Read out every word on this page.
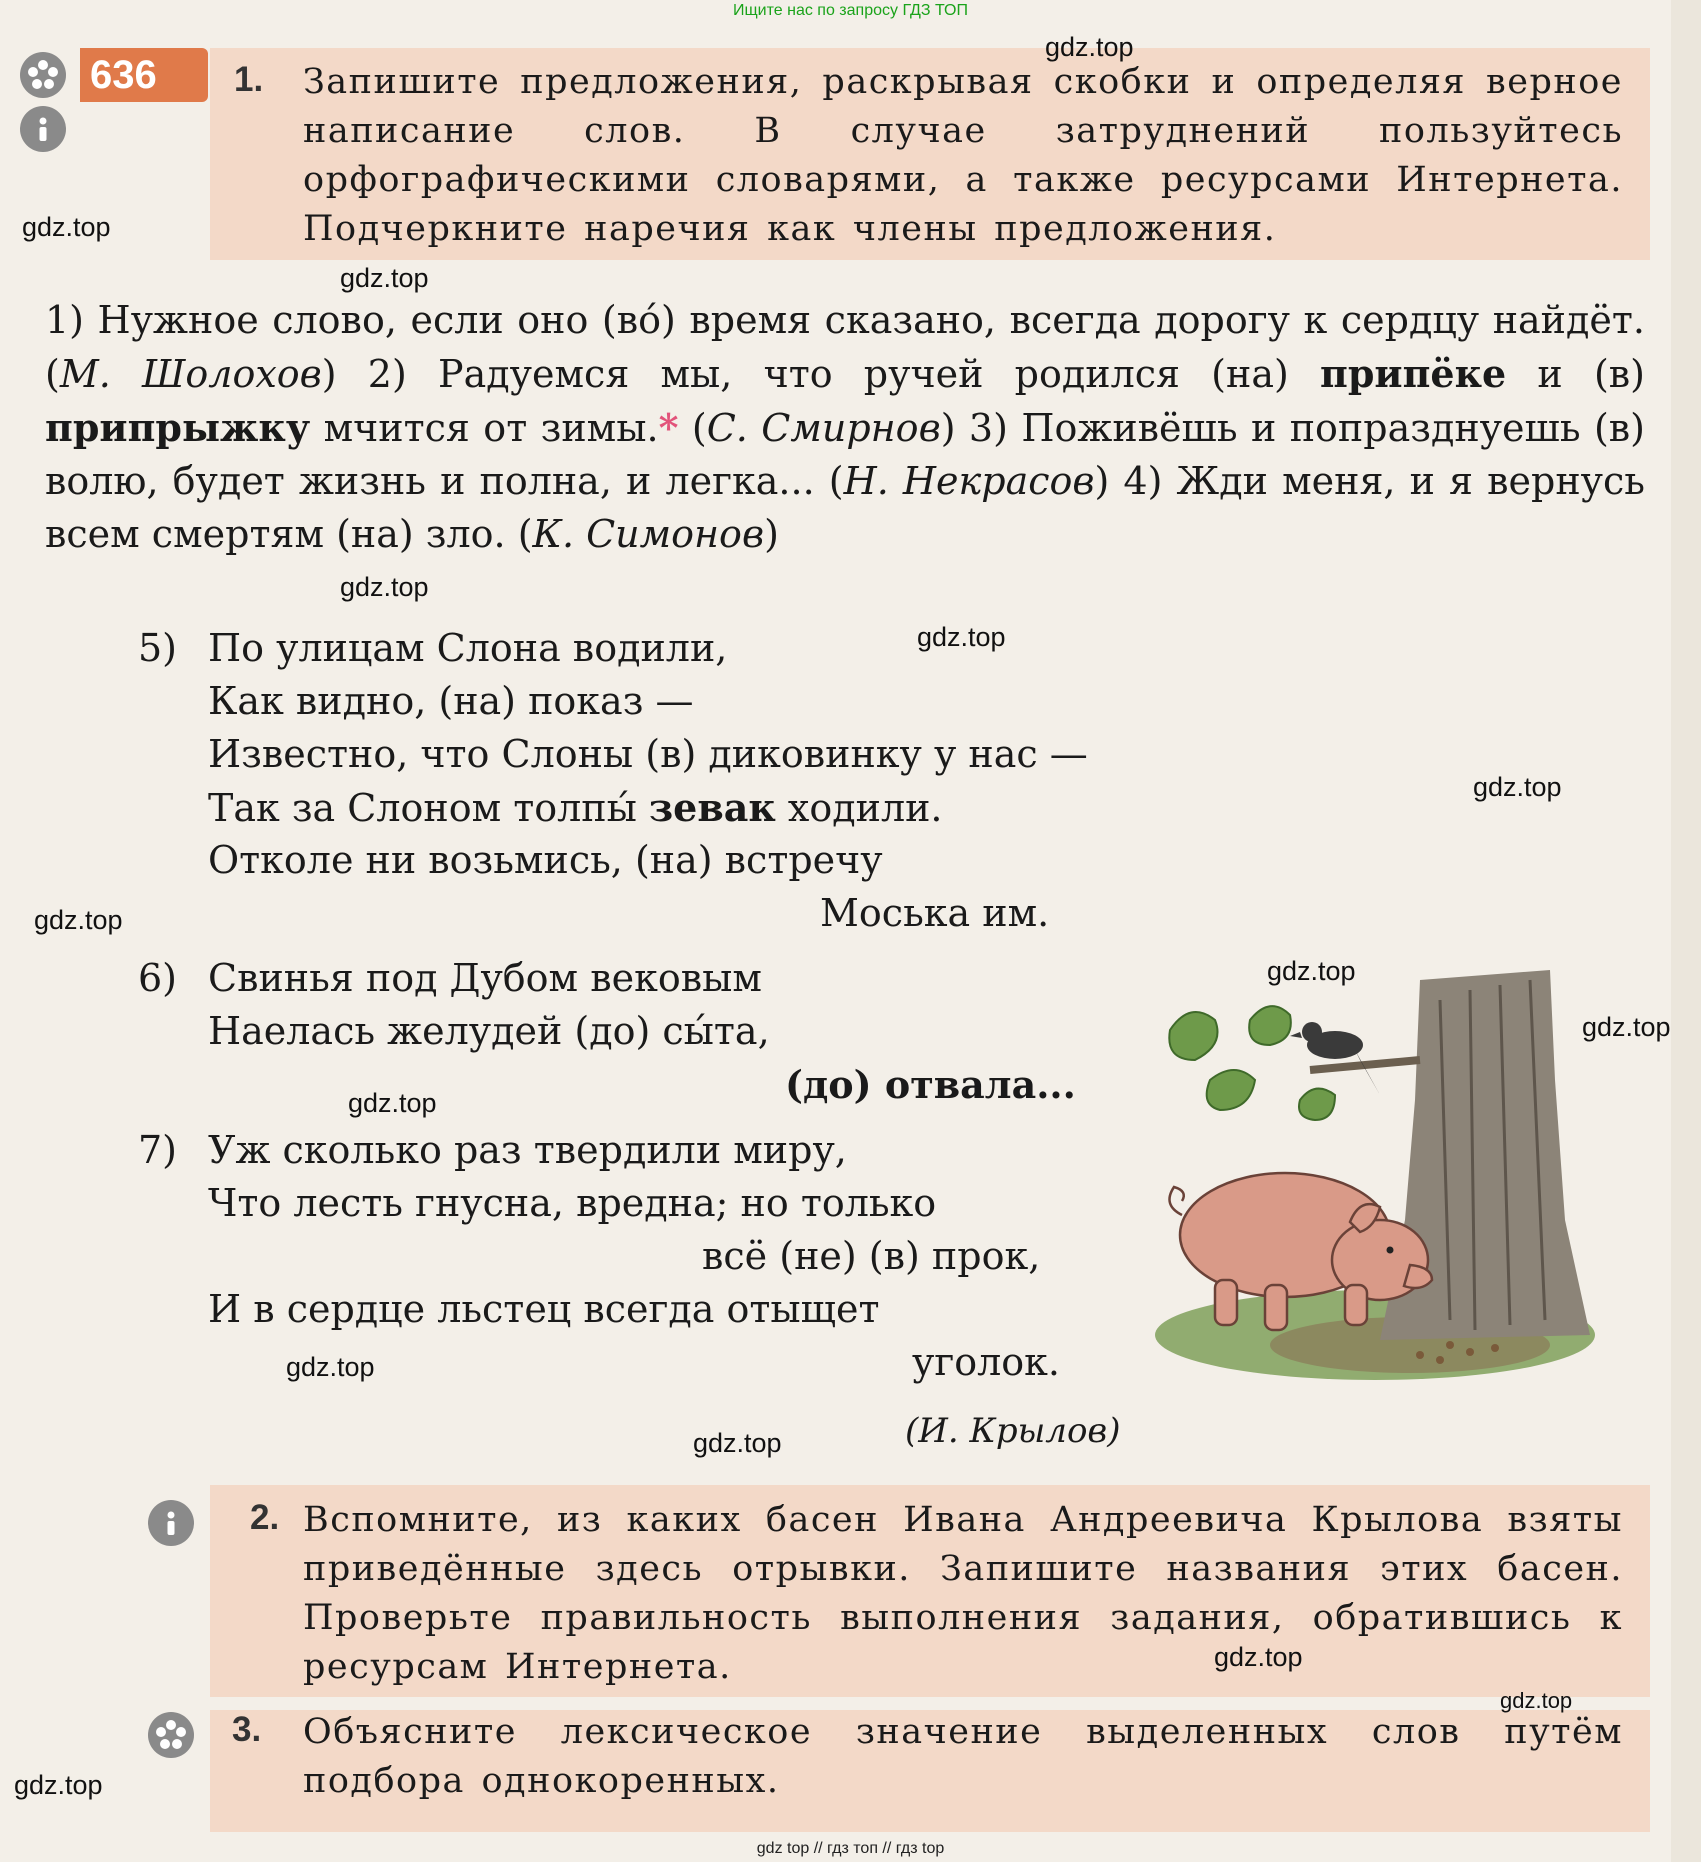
Ищите нас по запросу ГДЗ ТОП
636	1. Запишите предложения, раскрывая скобки и определяя верное написание слов. В случае затруднений пользуйтесь орфографическими словарями, а также ресурсами Интернета. Подчеркните наречия как члены предложения.
1) Нужное слово, если оно (во́) время сказано, всегда дорогу к сердцу найдёт. (М. Шолохов) 2) Радуемся мы, что ручей родился (на) припёке и (в) припрыжку мчится от зимы.* (С. Смирнов) 3) Поживёшь и попразднуешь (в) волю, будет жизнь и полна, и легка... (Н. Некрасов) 4) Жди меня, и я вернусь всем смертям (на) зло. (К. Симонов)
5) По улицам Слона водили,
Как видно, (на) показ —
Известно, что Слоны (в) диковинку у нас —
Так за Слоном толпы́ зевак ходили.
Отколе ни возьмись, (на) встречу
Моська им.
6) Свинья под Дубом вековым
Наелась желудей (до) сы́та,
(до) отвала...
7) Уж сколько раз твердили миру,
Что лесть гнусна, вредна; но только
всё (не) (в) прок,
И в сердце льстец всегда отыщет
уголок.
(И. Крылов)
2. Вспомните, из каких басен Ивана Андреевича Крылова взяты приведённые здесь отрывки. Запишите названия этих басен. Проверьте правильность выполнения задания, обратившись к ресурсам Интернета.
3. Объясните лексическое значение выделенных слов путём подбора однокоренных.
gdz.top
gdz.top
gdz.top
gdz.top
gdz.top
gdz.top
gdz.top
gdz.top
gdz.top
gdz.top
gdz.top
gdz.top
gdz.top
gdz.top
gdz.top
gdz top // гдз топ // гдз top
